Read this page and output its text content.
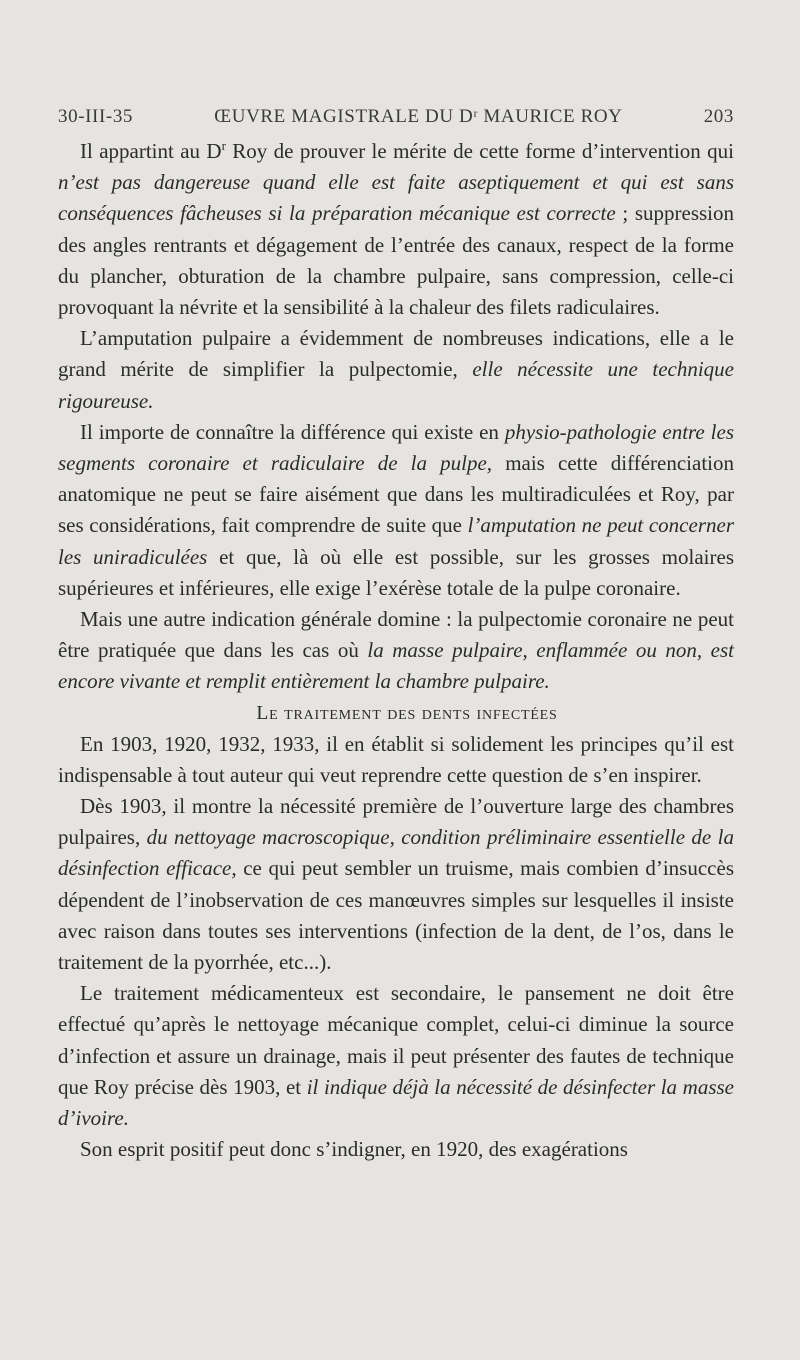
30-III-35	ŒUVRE MAGISTRALE DU Dʳ MAURICE ROY	203

Il appartint au $D^r$ Roy de prouver le mérite de cette forme d’intervention qui n’est pas dangereuse quand elle est faite aseptiquement et qui est sans conséquences fâcheuses si la préparation mécanique est correcte ; suppression des angles rentrants et dégagement de l’entrée des canaux, respect de la forme du plancher, obturation de la chambre pulpaire, sans compression, celle-ci provoquant la névrite et la sensibilité à la chaleur des filets radiculaires.

L’amputation pulpaire a évidemment de nombreuses indications, elle a le grand mérite de simplifier la pulpectomie, elle nécessite une technique rigoureuse.

Il importe de connaître la différence qui existe en physio-pathologie entre les segments coronaire et radiculaire de la pulpe, mais cette différenciation anatomique ne peut se faire aisément que dans les multiradiculées et Roy, par ses considérations, fait comprendre de suite que l’amputation ne peut concerner les uniradiculées et que, là où elle est possible, sur les grosses molaires supérieures et inférieures, elle exige l’exérèse totale de la pulpe coronaire.

Mais une autre indication générale domine : la pulpectomie coronaire ne peut être pratiquée que dans les cas où la masse pulpaire, enflammée ou non, est encore vivante et remplit entièrement la chambre pulpaire.

Le traitement des dents infectées

En 1903, 1920, 1932, 1933, il en établit si solidement les principes qu’il est indispensable à tout auteur qui veut reprendre cette question de s’en inspirer.

Dès 1903, il montre la nécessité première de l’ouverture large des chambres pulpaires, du nettoyage macroscopique, condition préliminaire essentielle de la désinfection efficace, ce qui peut sembler un truisme, mais combien d’insuccès dépendent de l’inobservation de ces manœuvres simples sur lesquelles il insiste avec raison dans toutes ses interventions (infection de la dent, de l’os, dans le traitement de la pyorrhée, etc...).

Le traitement médicamenteux est secondaire, le pansement ne doit être effectué qu’après le nettoyage mécanique complet, celui-ci diminue la source d’infection et assure un drainage, mais il peut présenter des fautes de technique que Roy précise dès 1903, et il indique déjà la nécessité de désinfecter la masse d’ivoire.

Son esprit positif peut donc s’indigner, en 1920, des exagérations
